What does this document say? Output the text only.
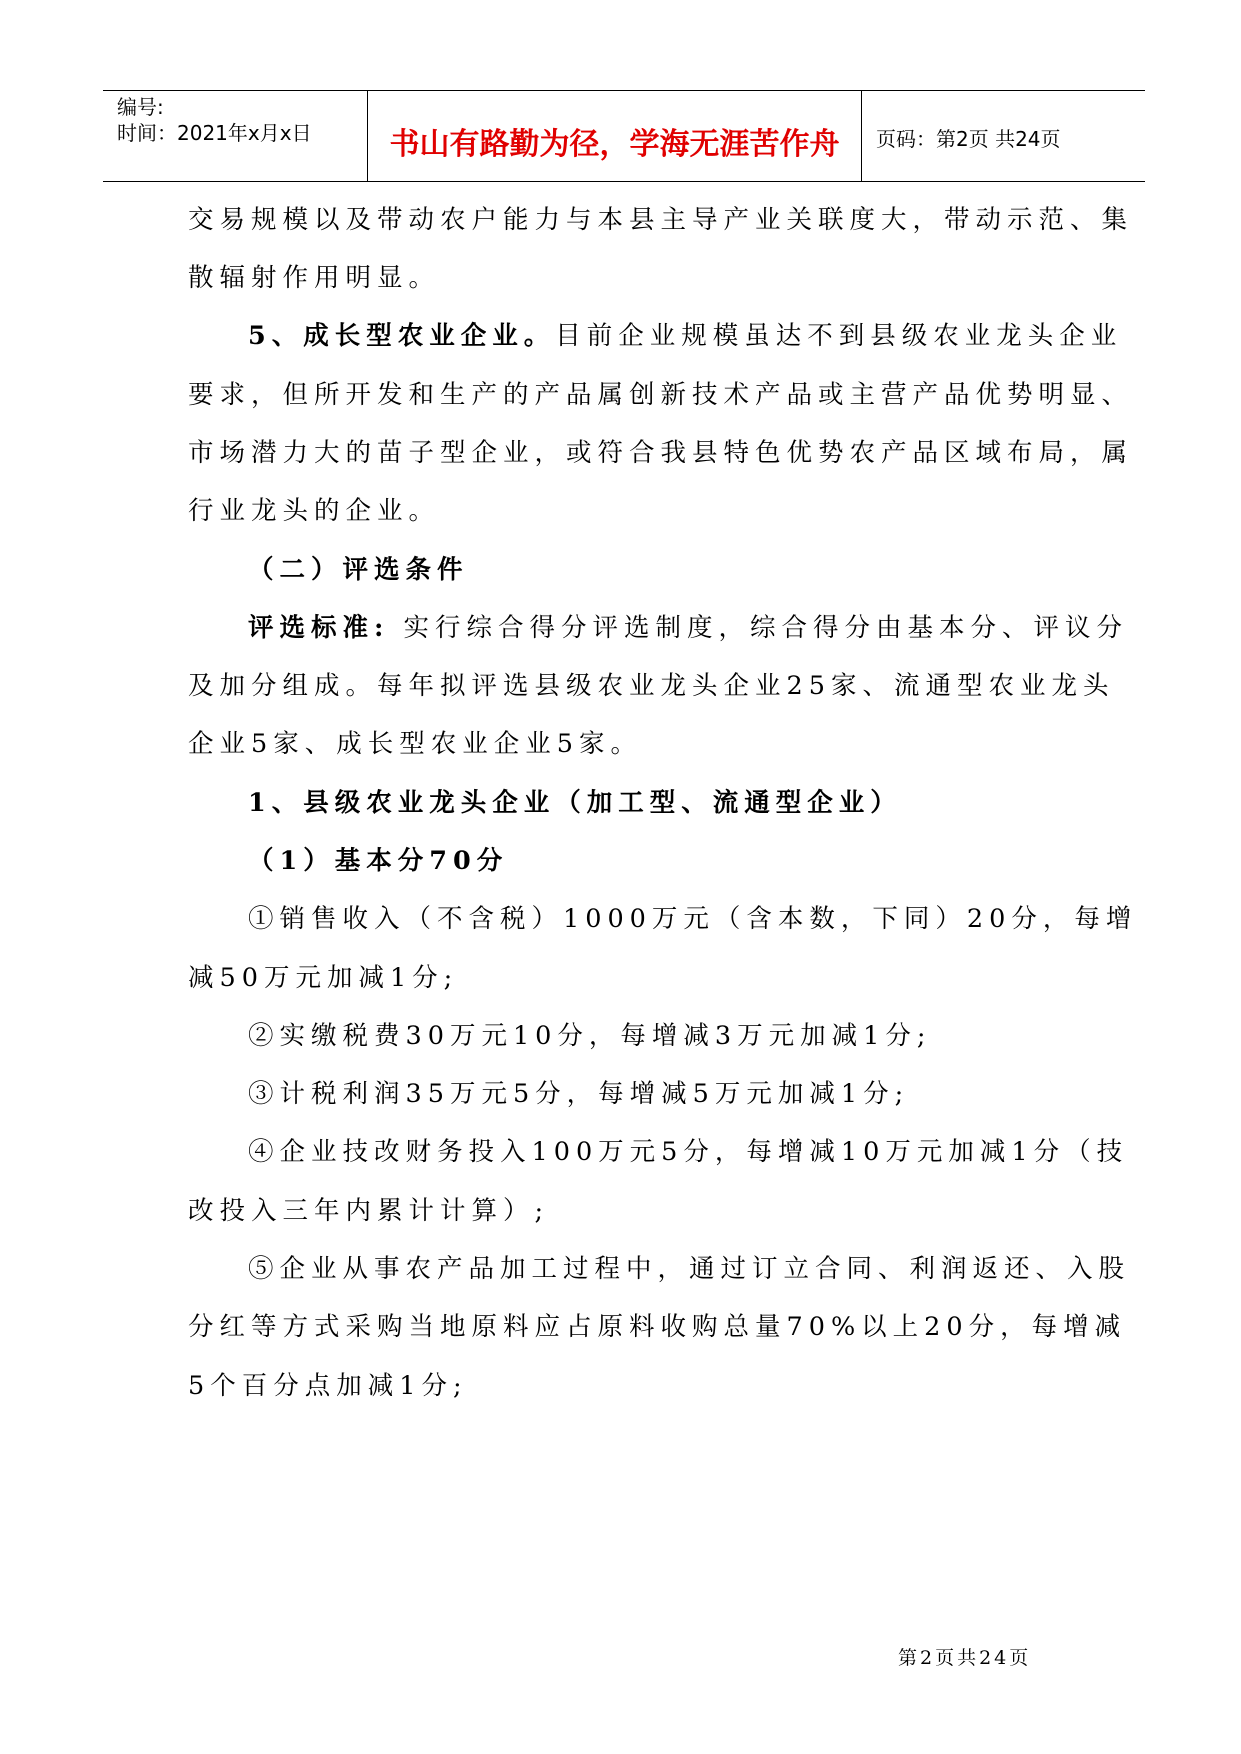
编号:
时间：2021年x月x日	书山有路勤为径，学海无涯苦作舟	页码：第2页 共24页
交易规模以及带动农户能力与本县主导产业关联度大，带动示范、集
散辐射作用明显。
5、成长型农业企业。目前企业规模虽达不到县级农业龙头企业
要求，但所开发和生产的产品属创新技术产品或主营产品优势明显、
市场潜力大的苗子型企业，或符合我县特色优势农产品区域布局，属
行业龙头的企业。
（二）评选条件
评选标准: 实行综合得分评选制度，综合得分由基本分、评议分
及加分组成。每年拟评选县级农业龙头企业25家、流通型农业龙头
企业5家、成长型农业企业5家。
1、县级农业龙头企业（加工型、流通型企业）
（1）基本分70分
①销售收入（不含税）1000万元（含本数，下同）20分，每增
减50万元加减1分;
②实缴税费30万元10分，每增减3万元加减1分;
③计税利润35万元5分，每增减5万元加减1分;
④企业技改财务投入100万元5分，每增减10万元加减1分（技
改投入三年内累计计算）;
⑤企业从事农产品加工过程中，通过订立合同、利润返还、入股
分红等方式采购当地原料应占原料收购总量70%以上20分，每增减
5个百分点加减1分;
第2页共24页
